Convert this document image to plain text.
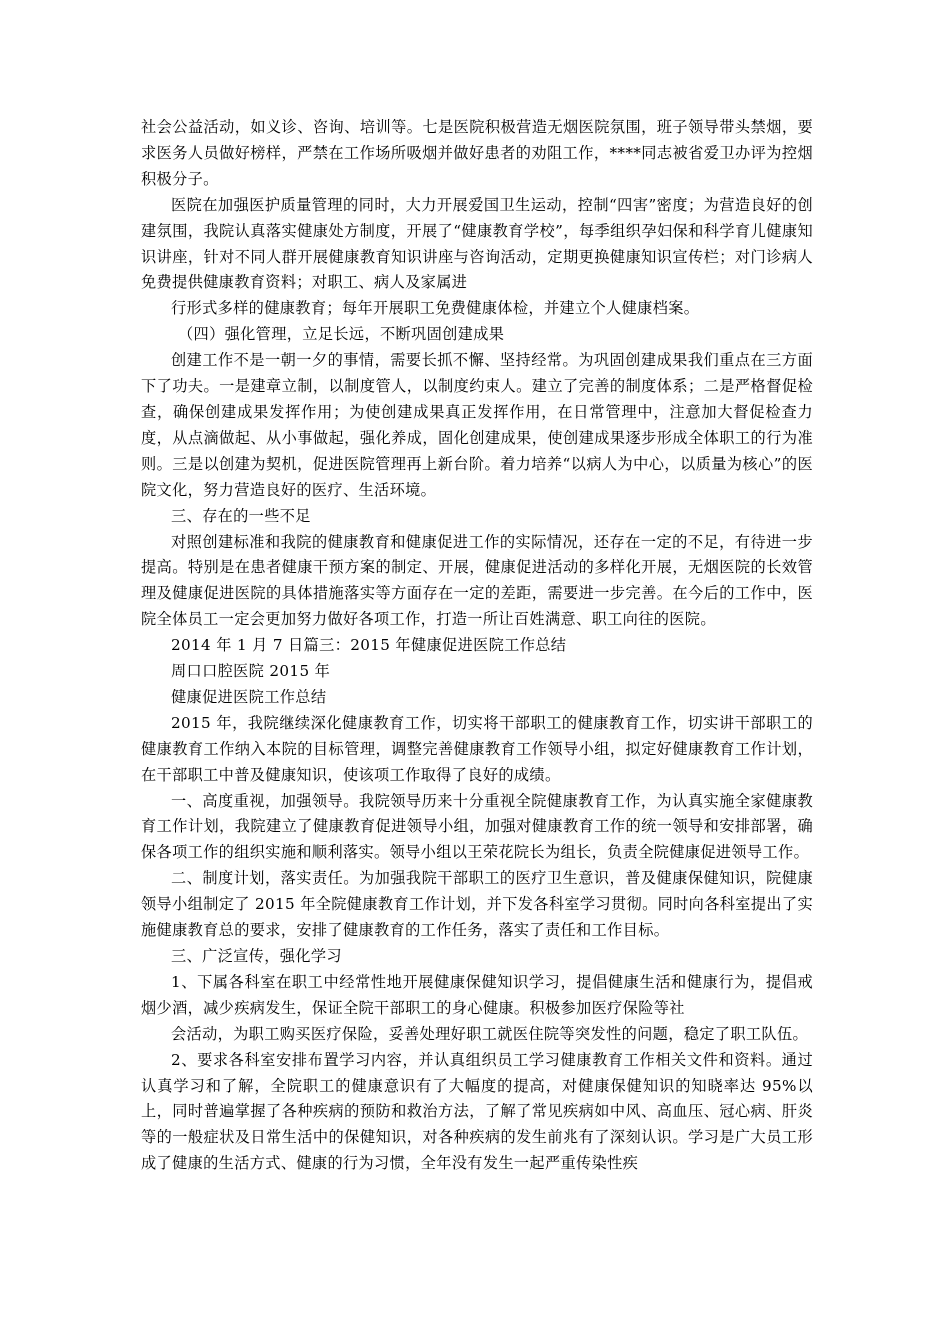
社会公益活动，如义诊、咨询、培训等。七是医院积极营造无烟医院氛围，班子领导带头禁烟，要求医务人员做好榜样，严禁在工作场所吸烟并做好患者的劝阻工作，****同志被省爱卫办评为控烟积极分子。

医院在加强医护质量管理的同时，大力开展爱国卫生运动，控制“四害”密度；为营造良好的创建氛围，我院认真落实健康处方制度，开展了“健康教育学校”，每季组织孕妇保和科学育儿健康知识讲座，针对不同人群开展健康教育知识讲座与咨询活动，定期更换健康知识宣传栏；对门诊病人免费提供健康教育资料；对职工、病人及家属进

行形式多样的健康教育；每年开展职工免费健康体检，并建立个人健康档案。

（四）强化管理，立足长远，不断巩固创建成果

创建工作不是一朝一夕的事情，需要长抓不懈、坚持经常。为巩固创建成果我们重点在三方面下了功夫。一是建章立制，以制度管人，以制度约束人。建立了完善的制度体系；二是严格督促检查，确保创建成果发挥作用；为使创建成果真正发挥作用，在日常管理中，注意加大督促检查力度，从点滴做起、从小事做起，强化养成，固化创建成果，使创建成果逐步形成全体职工的行为准则。三是以创建为契机，促进医院管理再上新台阶。着力培养“以病人为中心，以质量为核心”的医院文化，努力营造良好的医疗、生活环境。

三、存在的一些不足

对照创建标准和我院的健康教育和健康促进工作的实际情况，还存在一定的不足，有待进一步提高。特别是在患者健康干预方案的制定、开展，健康促进活动的多样化开展，无烟医院的长效管理及健康促进医院的具体措施落实等方面存在一定的差距，需要进一步完善。在今后的工作中，医院全体员工一定会更加努力做好各项工作，打造一所让百姓满意、职工向往的医院。

2014 年 1 月 7 日篇三：2015 年健康促进医院工作总结

周口口腔医院 2015 年

健康促进医院工作总结

2015 年，我院继续深化健康教育工作，切实将干部职工的健康教育工作，切实讲干部职工的健康教育工作纳入本院的目标管理，调整完善健康教育工作领导小组，拟定好健康教育工作计划，在干部职工中普及健康知识，使该项工作取得了良好的成绩。

一、高度重视，加强领导。我院领导历来十分重视全院健康教育工作，为认真实施全家健康教育工作计划，我院建立了健康教育促进领导小组，加强对健康教育工作的统一领导和安排部署，确保各项工作的组织实施和顺利落实。领导小组以王荣花院长为组长，负责全院健康促进领导工作。

二、制度计划，落实责任。为加强我院干部职工的医疗卫生意识，普及健康保健知识，院健康领导小组制定了 2015 年全院健康教育工作计划，并下发各科室学习贯彻。同时向各科室提出了实施健康教育总的要求，安排了健康教育的工作任务，落实了责任和工作目标。

三、广泛宣传，强化学习

1、下属各科室在职工中经常性地开展健康保健知识学习，提倡健康生活和健康行为，提倡戒烟少酒，减少疾病发生，保证全院干部职工的身心健康。积极参加医疗保险等社

会活动，为职工购买医疗保险，妥善处理好职工就医住院等突发性的问题，稳定了职工队伍。

2、要求各科室安排布置学习内容，并认真组织员工学习健康教育工作相关文件和资料。通过认真学习和了解，全院职工的健康意识有了大幅度的提高，对健康保健知识的知晓率达 95%以上，同时普遍掌握了各种疾病的预防和救治方法，了解了常见疾病如中风、高血压、冠心病、肝炎等的一般症状及日常生活中的保健知识，对各种疾病的发生前兆有了深刻认识。学习是广大员工形成了健康的生活方式、健康的行为习惯，全年没有发生一起严重传染性疾
